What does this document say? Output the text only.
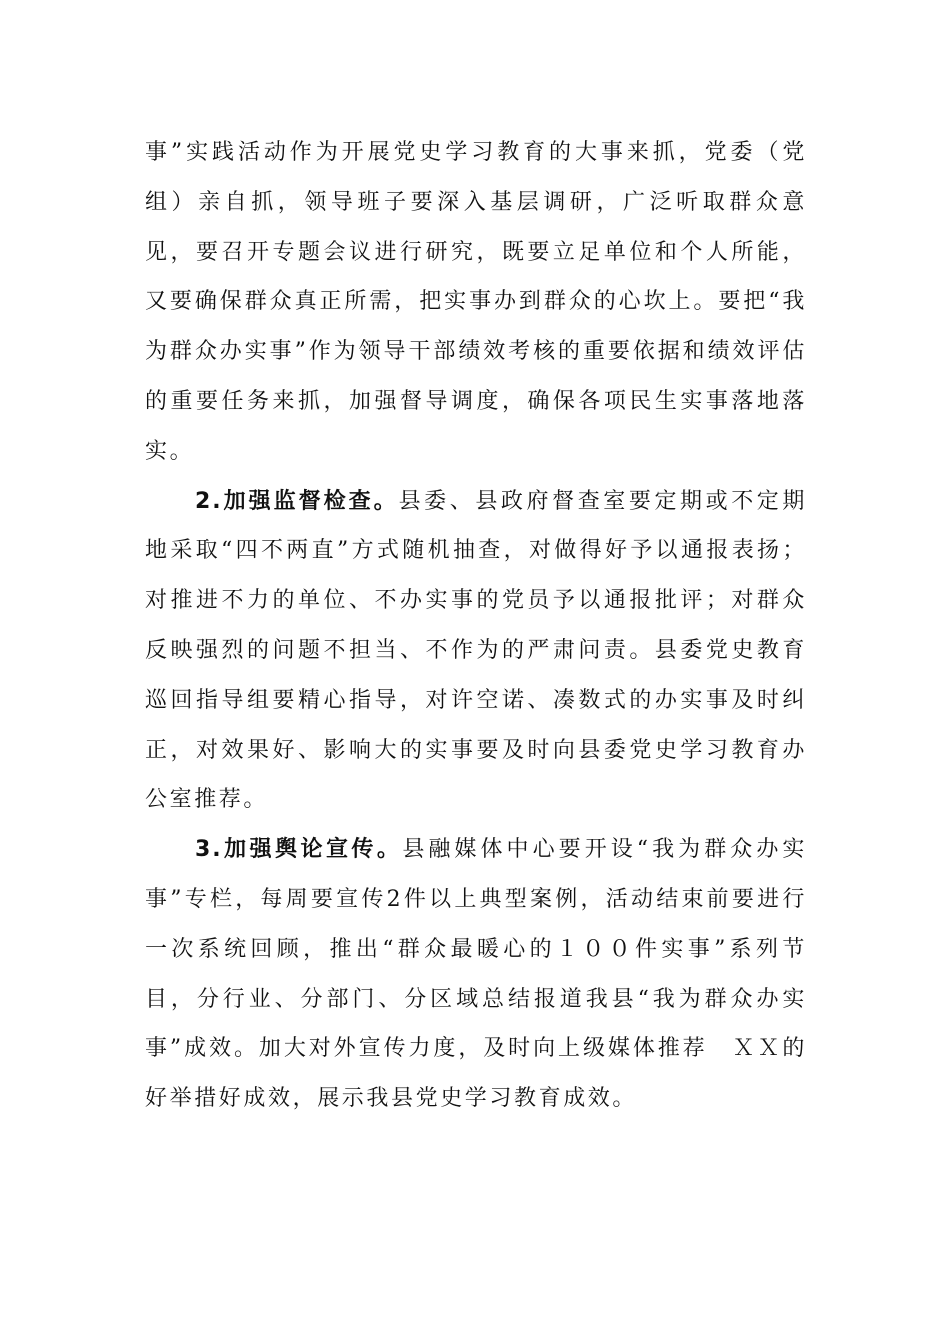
事”实践活动作为开展党史学习教育的大事来抓，党委（党组）亲自抓，领导班子要深入基层调研，广泛听取群众意见，要召开专题会议进行研究，既要立足单位和个人所能，又要确保群众真正所需，把实事办到群众的心坎上。要把“我为群众办实事”作为领导干部绩效考核的重要依据和绩效评估的重要任务来抓，加强督导调度，确保各项民生实事落地落实。

2.加强监督检查。县委、县政府督查室要定期或不定期地采取“四不两直”方式随机抽查，对做得好予以通报表扬；对推进不力的单位、不办实事的党员予以通报批评；对群众反映强烈的问题不担当、不作为的严肃问责。县委党史教育巡回指导组要精心指导，对许空诺、凑数式的办实事及时纠正，对效果好、影响大的实事要及时向县委党史学习教育办公室推荐。

3.加强舆论宣传。县融媒体中心要开设“我为群众办实事”专栏，每周要宣传2件以上典型案例，活动结束前要进行一次系统回顾，推出“群众最暖心的１００件实事”系列节目，分行业、分部门、分区域总结报道我县“我为群众办实事”成效。加大对外宣传力度，及时向上级媒体推荐　ＸＸ的好举措好成效，展示我县党史学习教育成效。
